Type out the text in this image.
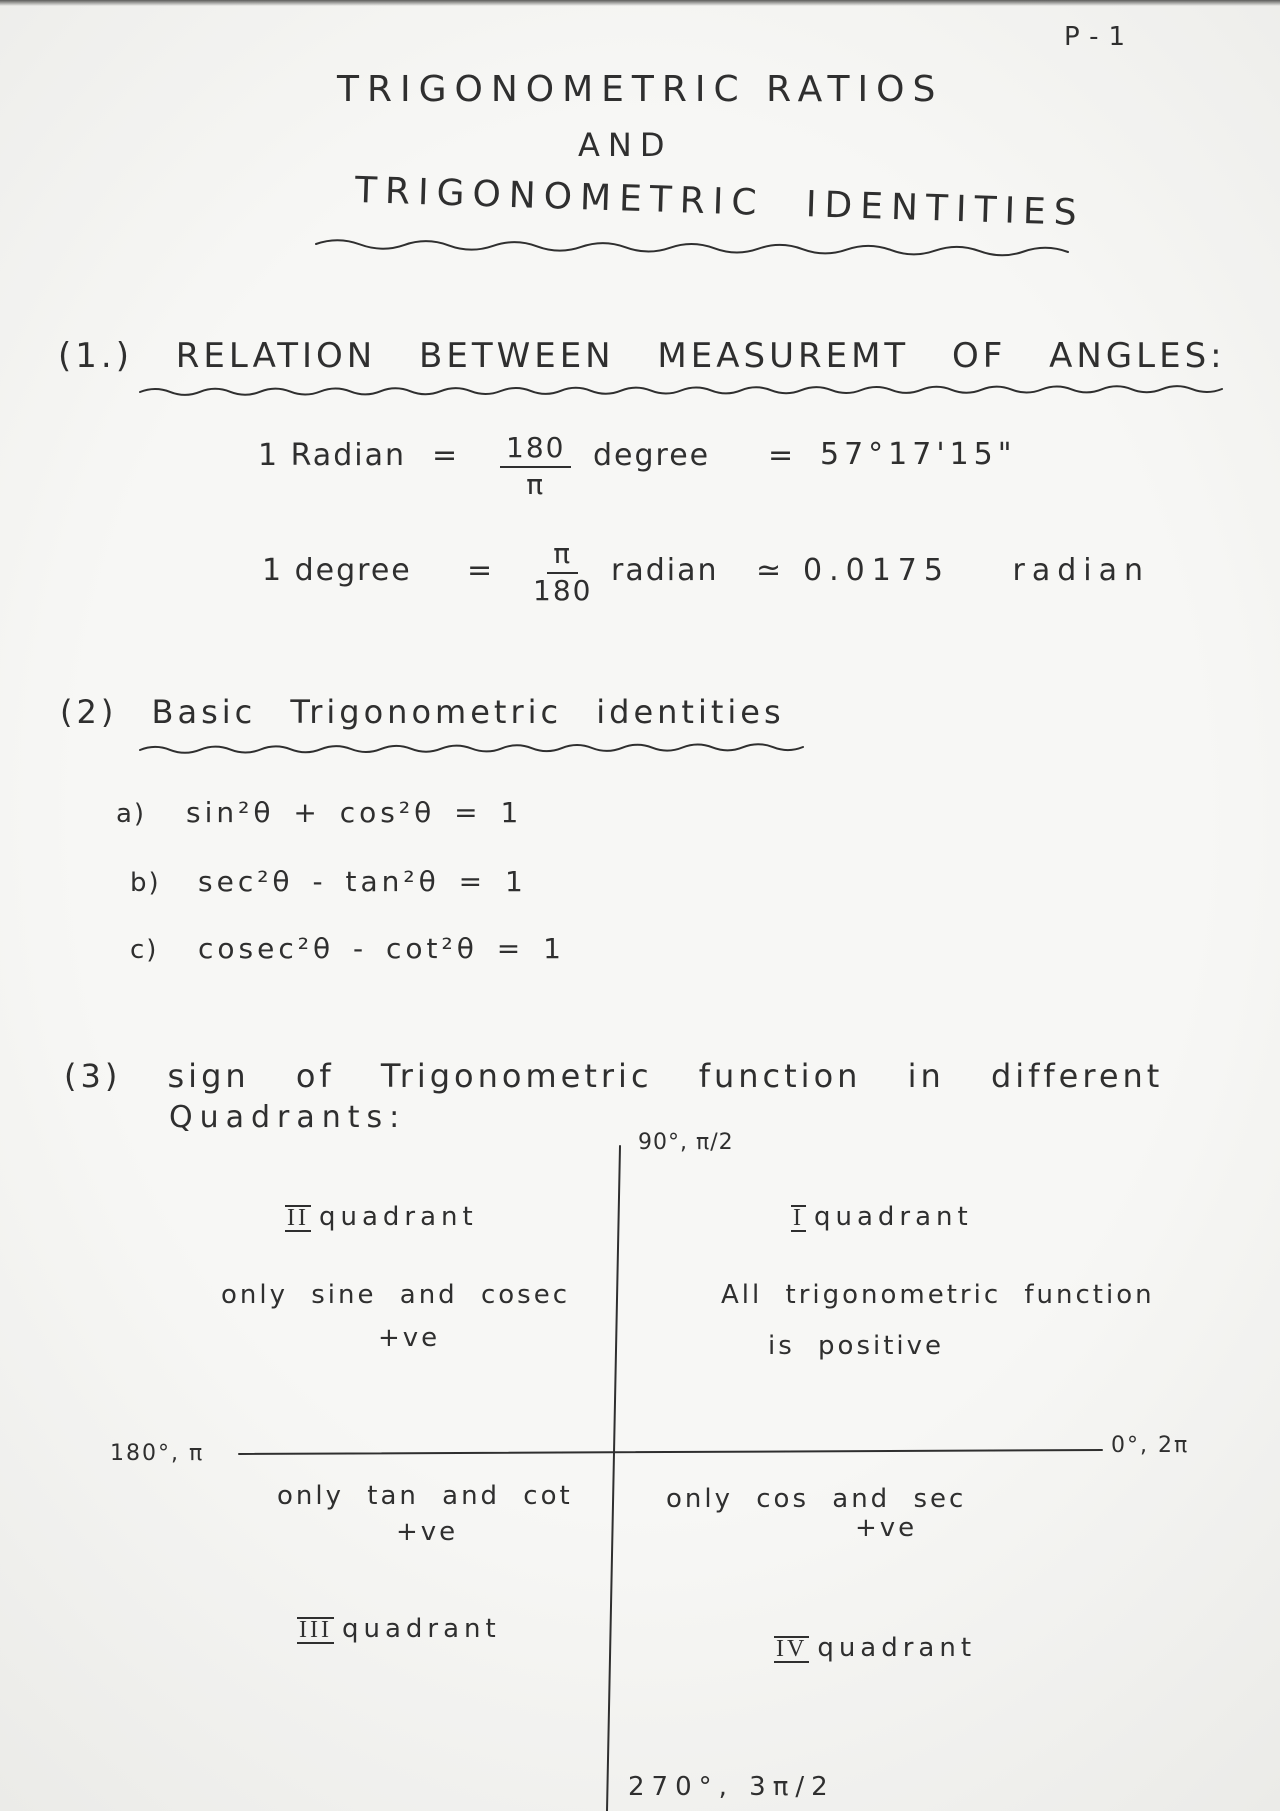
P-1
TRIGONOMETRIC RATIOS
AND
TRIGONOMETRIC IDENTITIES
(1.) RELATION BETWEEN MEASUREMT OF ANGLES:
1 Radian = $\frac{180}{\pi}$ degree = 57°17'15"
1 degree = $\frac{\pi}{180}$ radian ≃ 0.0175 radian
(2) Basic Trigonometric identities
a) sin²θ + cos²θ = 1
b) sec²θ - tan²θ = 1
c) cosec²θ - cot²θ = 1
(3) sign of Trigonometric function in different
Quadrants:
90°, π/2
180°, π	0°, 2π
270°, 3π/2
II quadrant
only sine and cosec
+ve
I quadrant
All trigonometric function
is positive
only tan and cot
+ve
III quadrant
only cos and sec
+ve
IV quadrant
